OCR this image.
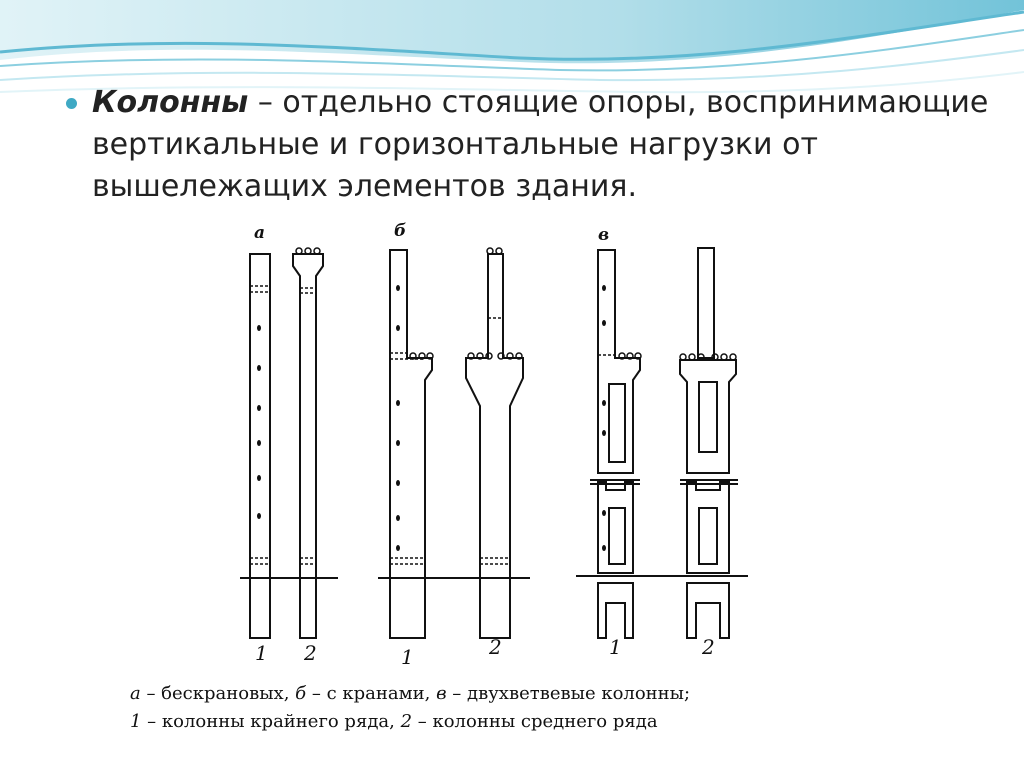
Колонны – отдельно стоящие опоры, воспринимающие вертикальные и горизонтальные нагрузки от вышележащих элементов здания.
а	б	в
1 2	1	2	1	2
а – бескрановых, б – с кранами, в – двухветвевые колонны;
1 – колонны крайнего ряда, 2 – колонны среднего ряда
